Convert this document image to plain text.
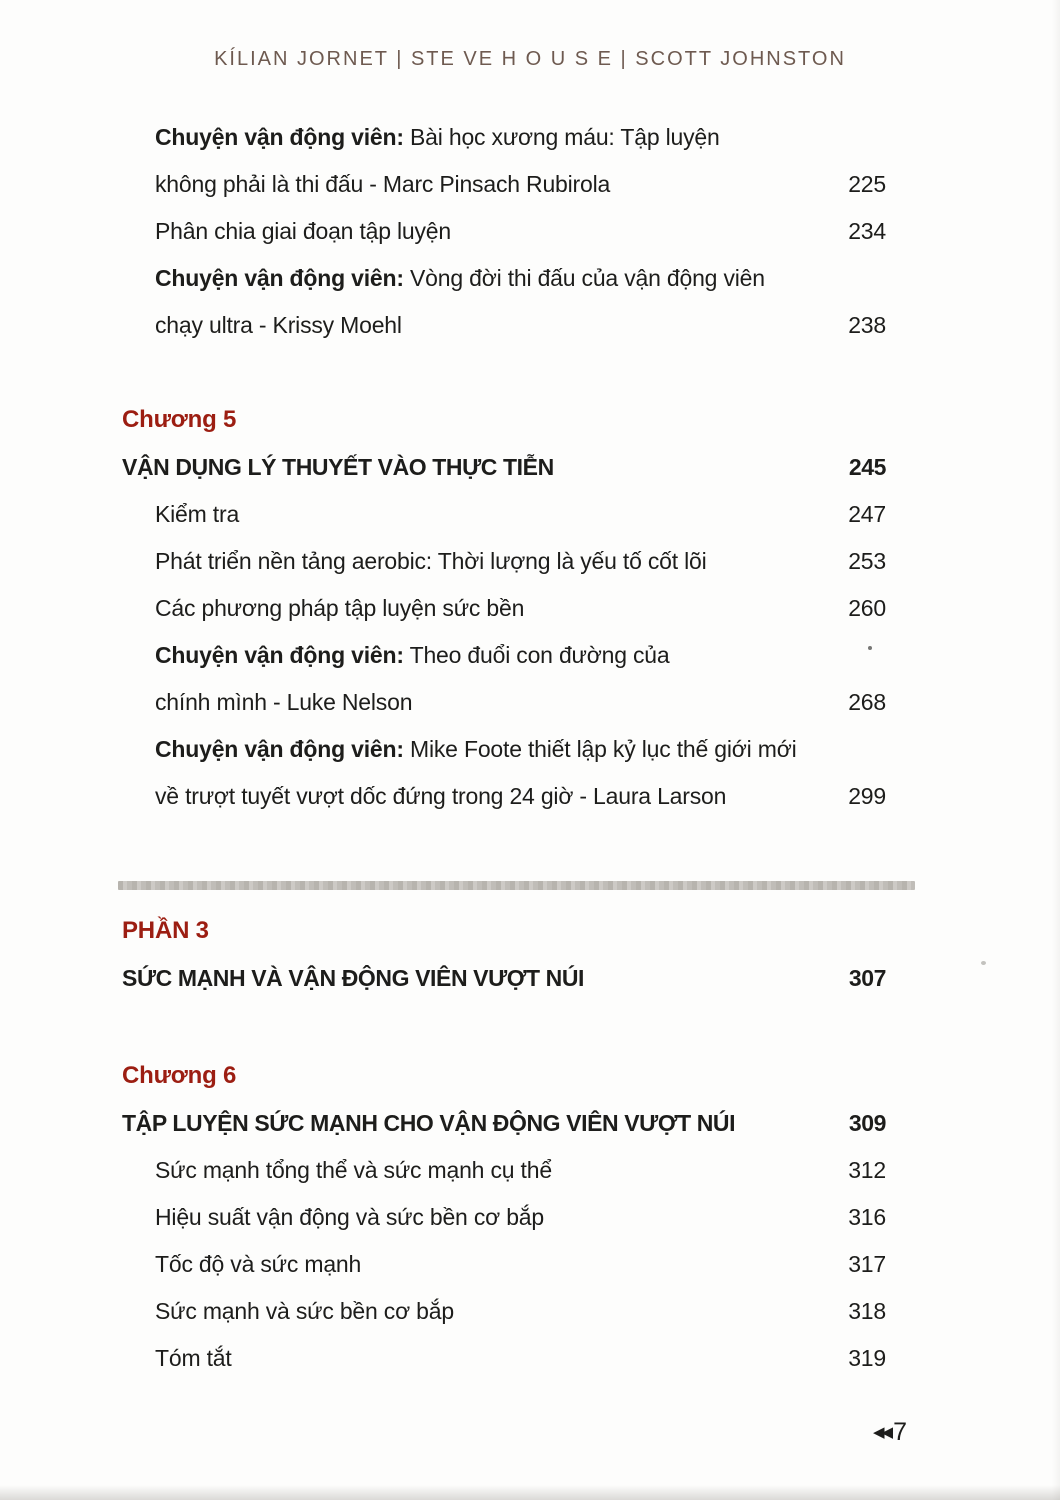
KÍLIAN JORNET | STE VE H O U S E | SCOTT JOHNSTON
Chuyện vận động viên: Bài học xương máu: Tập luyện
không phải là thi đấu - Marc Pinsach Rubirola	225
Phân chia giai đoạn tập luyện	234
Chuyện vận động viên: Vòng đời thi đấu của vận động viên
chạy ultra - Krissy Moehl	238
Chương 5
VẬN DỤNG LÝ THUYẾT VÀO THỰC TIỄN	245
Kiểm tra	247
Phát triển nền tảng aerobic: Thời lượng là yếu tố cốt lõi	253
Các phương pháp tập luyện sức bền	260
Chuyện vận động viên: Theo đuổi con đường của
chính mình - Luke Nelson	268
Chuyện vận động viên: Mike Foote thiết lập kỷ lục thế giới mới
về trượt tuyết vượt dốc đứng trong 24 giờ - Laura Larson	299
PHẦN 3
SỨC MẠNH VÀ VẬN ĐỘNG VIÊN VƯỢT NÚI	307
Chương 6
TẬP LUYỆN SỨC MẠNH CHO VẬN ĐỘNG VIÊN VƯỢT NÚI	309
Sức mạnh tổng thể và sức mạnh cụ thể	312
Hiệu suất vận động và sức bền cơ bắp	316
Tốc độ và sức mạnh	317
Sức mạnh và sức bền cơ bắp	318
Tóm tắt	319
◀◀ 7
